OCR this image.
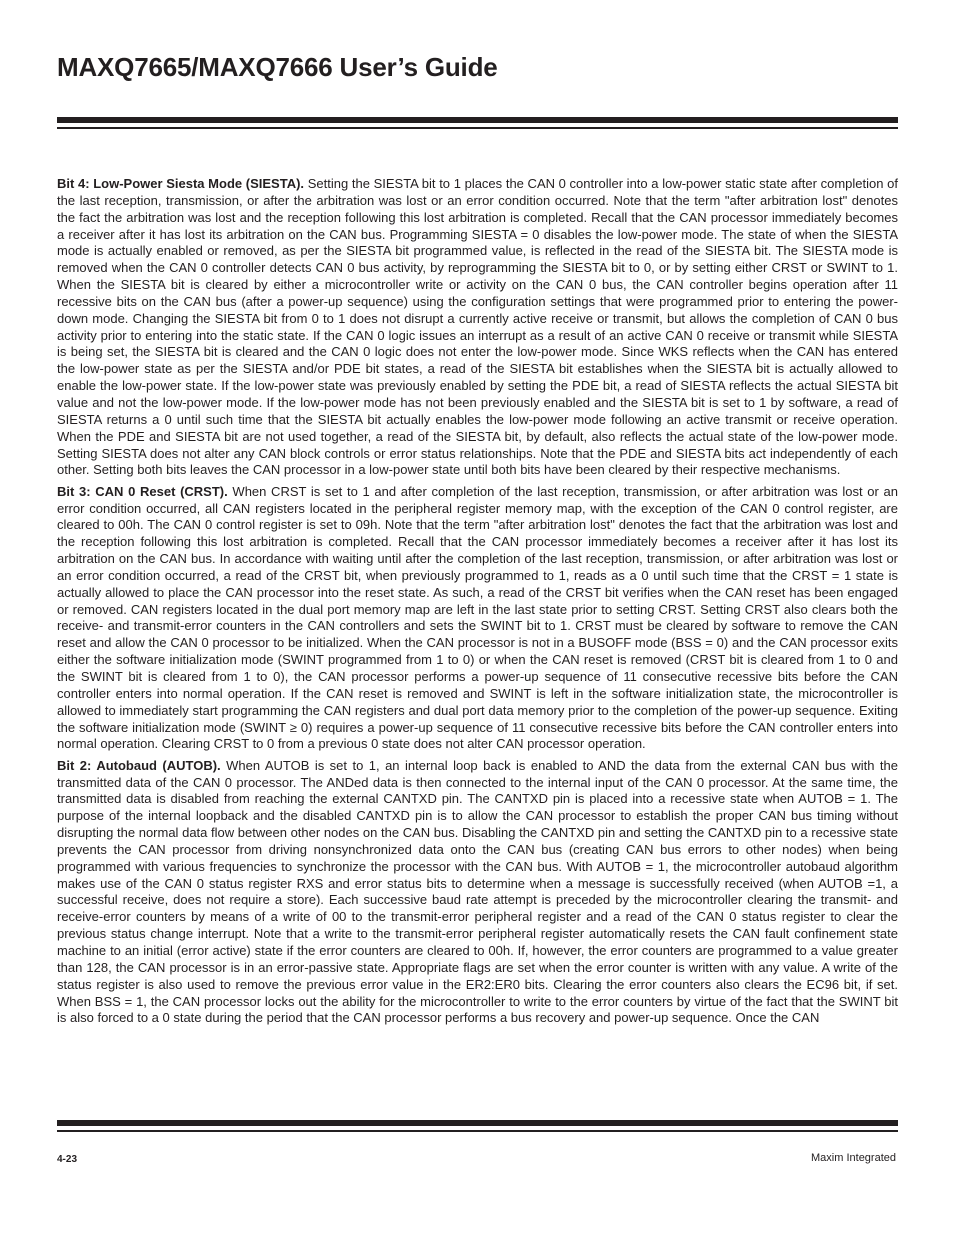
MAXQ7665/MAXQ7666 User’s Guide

Bit 4: Low-Power Siesta Mode (SIESTA). Setting the SIESTA bit to 1 places the CAN 0 controller into a low-power static state after completion of the last reception, transmission, or after the arbitration was lost or an error condition occurred. Note that the term "after arbitration lost" denotes the fact the arbitration was lost and the reception following this lost arbitration is completed. Recall that the CAN processor immediately becomes a receiver after it has lost its arbitration on the CAN bus. Programming SIESTA = 0 disables the low-power mode. The state of when the SIESTA mode is actually enabled or removed, as per the SIESTA bit programmed value, is reflected in the read of the SIESTA bit. The SIESTA mode is removed when the CAN 0 controller detects CAN 0 bus activity, by reprogramming the SIESTA bit to 0, or by setting either CRST or SWINT to 1. When the SIESTA bit is cleared by either a microcontroller write or activity on the CAN 0 bus, the CAN controller begins operation after 11 recessive bits on the CAN bus (after a power-up sequence) using the configuration settings that were programmed prior to entering the power-down mode. Changing the SIESTA bit from 0 to 1 does not disrupt a currently active receive or transmit, but allows the completion of CAN 0 bus activity prior to entering into the static state. If the CAN 0 logic issues an interrupt as a result of an active CAN 0 receive or transmit while SIESTA is being set, the SIESTA bit is cleared and the CAN 0 logic does not enter the low-power mode. Since WKS reflects when the CAN has entered the low-power state as per the SIESTA and/or PDE bit states, a read of the SIESTA bit establishes when the SIESTA bit is actually allowed to enable the low-power state. If the low-power state was previously enabled by setting the PDE bit, a read of SIESTA reflects the actual SIESTA bit value and not the low-power mode. If the low-power mode has not been previously enabled and the SIESTA bit is set to 1 by software, a read of SIESTA returns a 0 until such time that the SIESTA bit actually enables the low-power mode following an active transmit or receive operation. When the PDE and SIESTA bit are not used together, a read of the SIESTA bit, by default, also reflects the actual state of the low-power mode. Setting SIESTA does not alter any CAN block controls or error status relationships. Note that the PDE and SIESTA bits act independently of each other. Setting both bits leaves the CAN processor in a low-power state until both bits have been cleared by their respective mechanisms.

Bit 3: CAN 0 Reset (CRST). When CRST is set to 1 and after completion of the last reception, transmission, or after arbitration was lost or an error condition occurred, all CAN registers located in the peripheral register memory map, with the exception of the CAN 0 control register, are cleared to 00h. The CAN 0 control register is set to 09h. Note that the term "after arbitration lost" denotes the fact that the arbitration was lost and the reception following this lost arbitration is completed. Recall that the CAN processor immediately becomes a receiver after it has lost its arbitration on the CAN bus. In accordance with waiting until after the completion of the last reception, transmission, or after arbitration was lost or an error condition occurred, a read of the CRST bit, when previously programmed to 1, reads as a 0 until such time that the CRST = 1 state is actually allowed to place the CAN processor into the reset state. As such, a read of the CRST bit verifies when the CAN reset has been engaged or removed. CAN registers located in the dual port memory map are left in the last state prior to setting CRST. Setting CRST also clears both the receive- and transmit-error counters in the CAN controllers and sets the SWINT bit to 1. CRST must be cleared by software to remove the CAN reset and allow the CAN 0 processor to be initialized. When the CAN processor is not in a BUSOFF mode (BSS = 0) and the CAN processor exits either the software initialization mode (SWINT programmed from 1 to 0) or when the CAN reset is removed (CRST bit is cleared from 1 to 0 and the SWINT bit is cleared from 1 to 0), the CAN processor performs a power-up sequence of 11 consecutive recessive bits before the CAN controller enters into normal operation. If the CAN reset is removed and SWINT is left in the software initialization state, the microcontroller is allowed to immediately start programming the CAN registers and dual port data memory prior to the completion of the power-up sequence. Exiting the software initialization mode (SWINT ≥ 0) requires a power-up sequence of 11 consecutive recessive bits before the CAN controller enters into normal operation. Clearing CRST to 0 from a previous 0 state does not alter CAN processor operation.

Bit 2: Autobaud (AUTOB). When AUTOB is set to 1, an internal loop back is enabled to AND the data from the external CAN bus with the transmitted data of the CAN 0 processor. The ANDed data is then connected to the internal input of the CAN 0 processor. At the same time, the transmitted data is disabled from reaching the external CANTXD pin. The CANTXD pin is placed into a recessive state when AUTOB = 1. The purpose of the internal loopback and the disabled CANTXD pin is to allow the CAN processor to establish the proper CAN bus timing without disrupting the normal data flow between other nodes on the CAN bus. Disabling the CANTXD pin and setting the CANTXD pin to a recessive state prevents the CAN processor from driving nonsynchronized data onto the CAN bus (creating CAN bus errors to other nodes) when being programmed with various frequencies to synchronize the processor with the CAN bus. With AUTOB = 1, the microcontroller autobaud algorithm makes use of the CAN 0 status register RXS and error status bits to determine when a message is successfully received (when AUTOB =1, a successful receive, does not require a store). Each successive baud rate attempt is preceded by the microcontroller clearing the transmit- and receive-error counters by means of a write of 00 to the transmit-error peripheral register and a read of the CAN 0 status register to clear the previous status change interrupt. Note that a write to the transmit-error peripheral register automatically resets the CAN fault confinement state machine to an initial (error active) state if the error counters are cleared to 00h. If, however, the error counters are programmed to a value greater than 128, the CAN processor is in an error-passive state. Appropriate flags are set when the error counter is written with any value. A write of the status register is also used to remove the previous error value in the ER2:ER0 bits. Clearing the error counters also clears the EC96 bit, if set. When BSS = 1, the CAN processor locks out the ability for the microcontroller to write to the error counters by virtue of the fact that the SWINT bit is also forced to a 0 state during the period that the CAN processor performs a bus recovery and power-up sequence. Once the CAN

4-23	Maxim Integrated
